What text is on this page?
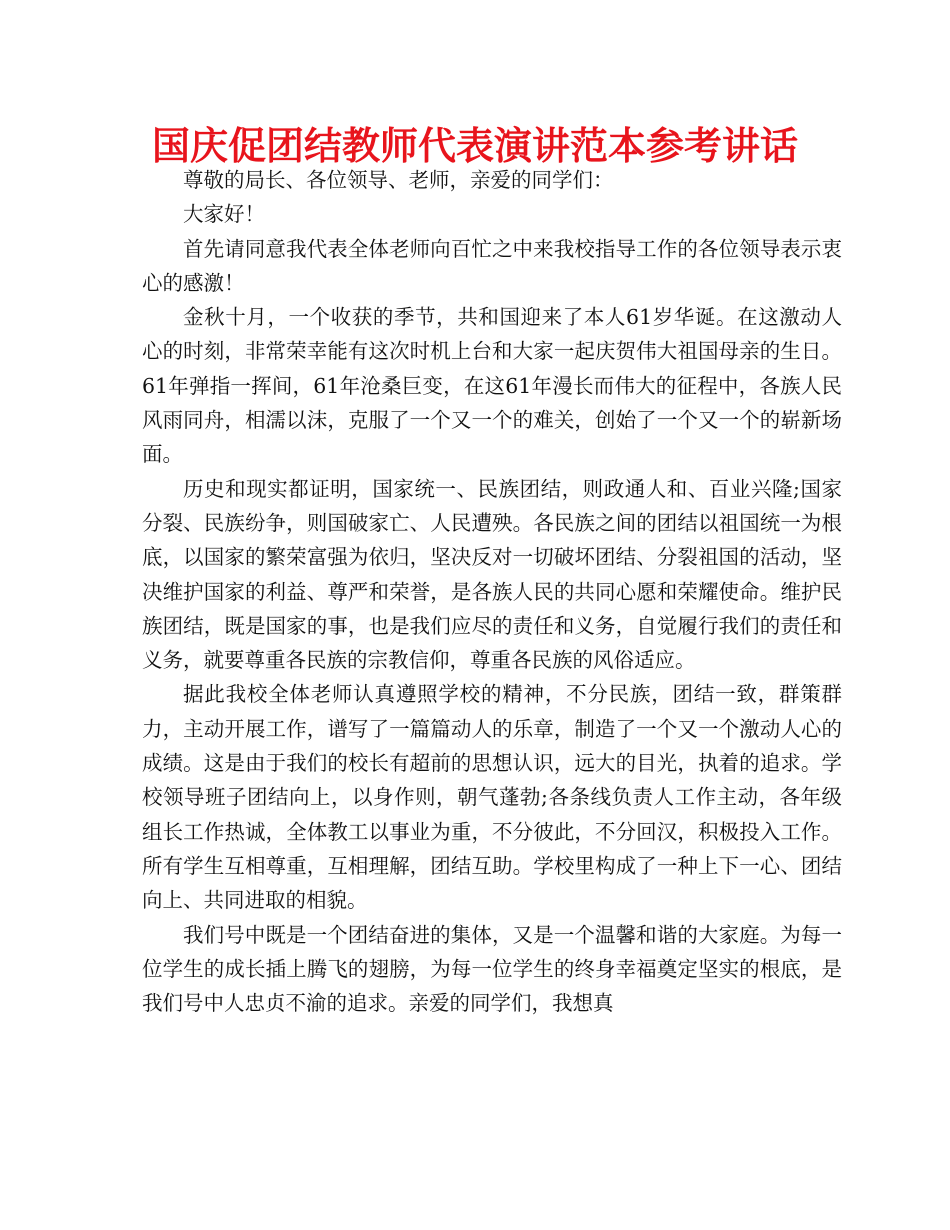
国庆促团结教师代表演讲范本参考讲话

尊敬的局长、各位领导、老师，亲爱的同学们：

大家好！

首先请同意我代表全体老师向百忙之中来我校指导工作的各位领导表示衷心的感激！

金秋十月，一个收获的季节，共和国迎来了本人61岁华诞。在这激动人心的时刻，非常荣幸能有这次时机上台和大家一起庆贺伟大祖国母亲的生日。61年弹指一挥间，61年沧桑巨变，在这61年漫长而伟大的征程中，各族人民风雨同舟，相濡以沫，克服了一个又一个的难关，创始了一个又一个的崭新场面。

历史和现实都证明，国家统一、民族团结，则政通人和、百业兴隆;国家分裂、民族纷争，则国破家亡、人民遭殃。各民族之间的团结以祖国统一为根底，以国家的繁荣富强为依归，坚决反对一切破坏团结、分裂祖国的活动，坚决维护国家的利益、尊严和荣誉，是各族人民的共同心愿和荣耀使命。维护民族团结，既是国家的事，也是我们应尽的责任和义务，自觉履行我们的责任和义务，就要尊重各民族的宗教信仰，尊重各民族的风俗适应。

据此我校全体老师认真遵照学校的精神，不分民族，团结一致，群策群力，主动开展工作，谱写了一篇篇动人的乐章，制造了一个又一个激动人心的成绩。这是由于我们的校长有超前的思想认识，远大的目光，执着的追求。学校领导班子团结向上，以身作则，朝气蓬勃;各条线负责人工作主动，各年级组长工作热诚，全体教工以事业为重，不分彼此，不分回汉，积极投入工作。所有学生互相尊重，互相理解，团结互助。学校里构成了一种上下一心、团结向上、共同进取的相貌。

我们号中既是一个团结奋进的集体，又是一个温馨和谐的大家庭。为每一位学生的成长插上腾飞的翅膀，为每一位学生的终身幸福奠定坚实的根底，是我们号中人忠贞不渝的追求。亲爱的同学们，我想真
